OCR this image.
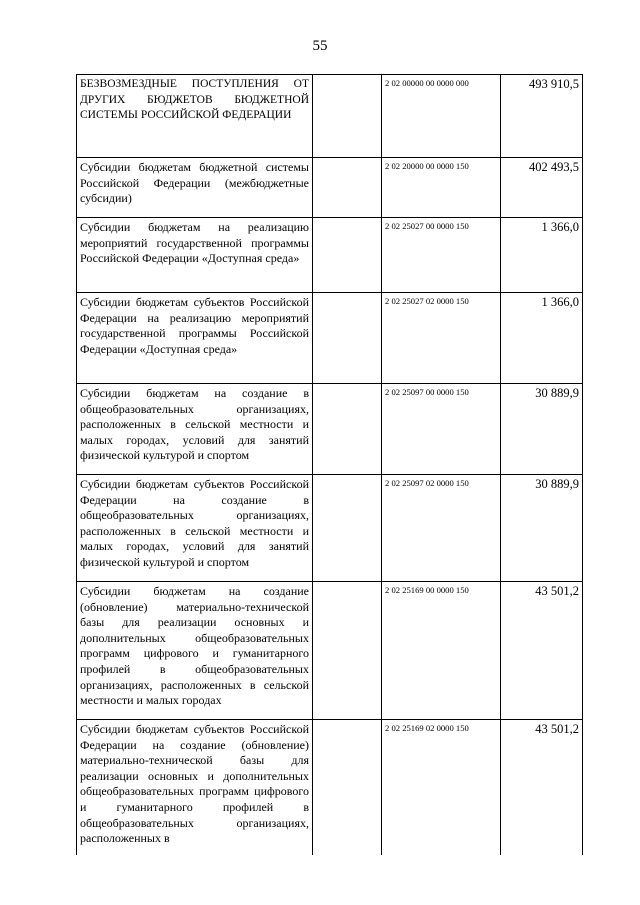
55
БЕЗВОЗМЕЗДНЫЕ ПОСТУПЛЕНИЯ ОТ ДРУГИХ БЮДЖЕТОВ БЮДЖЕТНОЙ СИСТЕМЫ РОССИЙСКОЙ ФЕДЕРАЦИИ		2 02 00000 00 0000 000	493 910,5
Субсидии бюджетам бюджетной системы Российской Федерации (межбюджетные субсидии)		2 02 20000 00 0000 150	402 493,5
Субсидии бюджетам на реализацию мероприятий государственной программы Российской Федерации «Доступная среда»		2 02 25027 00 0000 150	1 366,0
Субсидии бюджетам субъектов Российской Федерации на реализацию мероприятий государственной программы Российской Федерации «Доступная среда»		2 02 25027 02 0000 150	1 366,0
Субсидии бюджетам на создание в общеобразовательных организациях, расположенных в сельской местности и малых городах, условий для занятий физической культурой и спортом		2 02 25097 00 0000 150	30 889,9
Субсидии бюджетам субъектов Российской Федерации на создание в общеобразовательных организациях, расположенных в сельской местности и малых городах, условий для занятий физической культурой и спортом		2 02 25097 02 0000 150	30 889,9
Субсидии бюджетам на создание (обновление) материально-технической базы для реализации основных и дополнительных общеобразовательных программ цифрового и гуманитарного профилей в общеобразовательных организациях, расположенных в сельской местности и малых городах		2 02 25169 00 0000 150	43 501,2
Субсидии бюджетам субъектов Российской Федерации на создание (обновление) материально-технической базы для реализации основных и дополнительных общеобразовательных программ цифрового и гуманитарного профилей в общеобразовательных организациях, расположенных в		2 02 25169 02 0000 150	43 501,2
